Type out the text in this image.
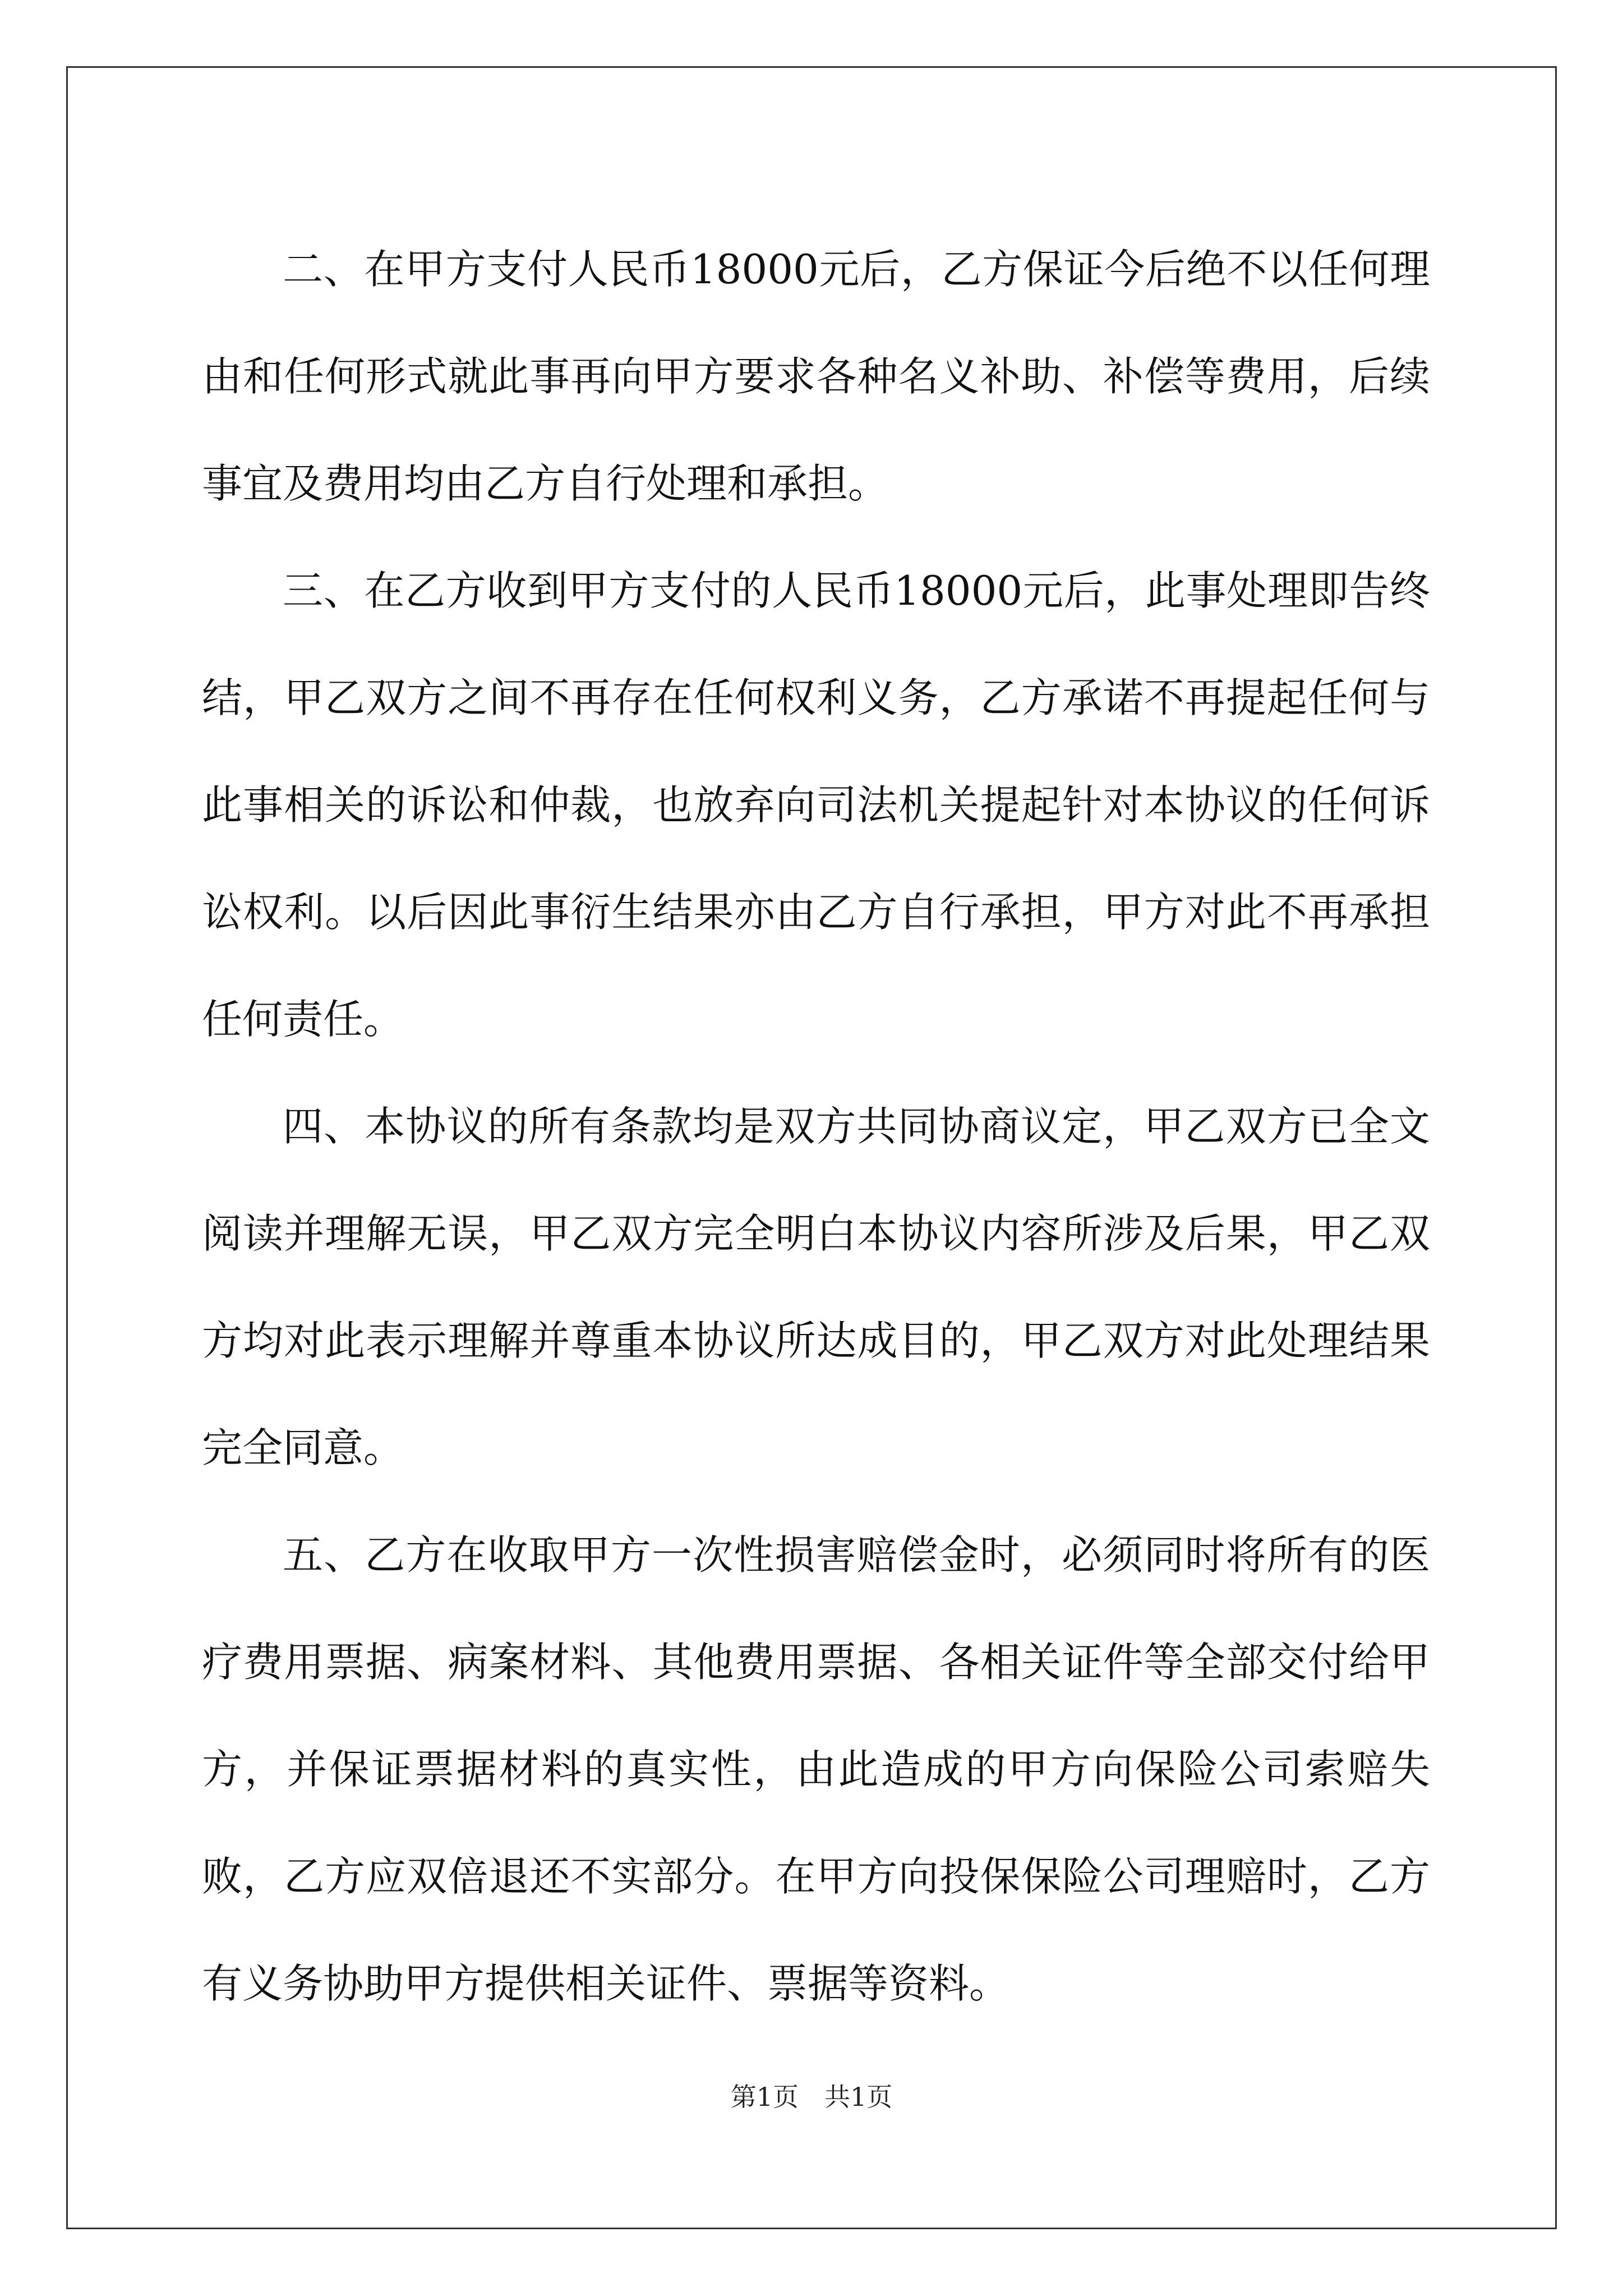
二、在甲方支付人民币18000元后，乙方保证今后绝不以任何理由和任何形式就此事再向甲方要求各种名义补助、补偿等费用，后续事宜及费用均由乙方自行处理和承担。

三、在乙方收到甲方支付的人民币18000元后，此事处理即告终结，甲乙双方之间不再存在任何权利义务，乙方承诺不再提起任何与此事相关的诉讼和仲裁，也放弃向司法机关提起针对本协议的任何诉讼权利。以后因此事衍生结果亦由乙方自行承担，甲方对此不再承担任何责任。

四、本协议的所有条款均是双方共同协商议定，甲乙双方已全文阅读并理解无误，甲乙双方完全明白本协议内容所涉及后果，甲乙双方均对此表示理解并尊重本协议所达成目的，甲乙双方对此处理结果完全同意。

五、乙方在收取甲方一次性损害赔偿金时，必须同时将所有的医疗费用票据、病案材料、其他费用票据、各相关证件等全部交付给甲方，并保证票据材料的真实性，由此造成的甲方向保险公司索赔失败，乙方应双倍退还不实部分。在甲方向投保保险公司理赔时，乙方有义务协助甲方提供相关证件、票据等资料。

第1页　共1页
